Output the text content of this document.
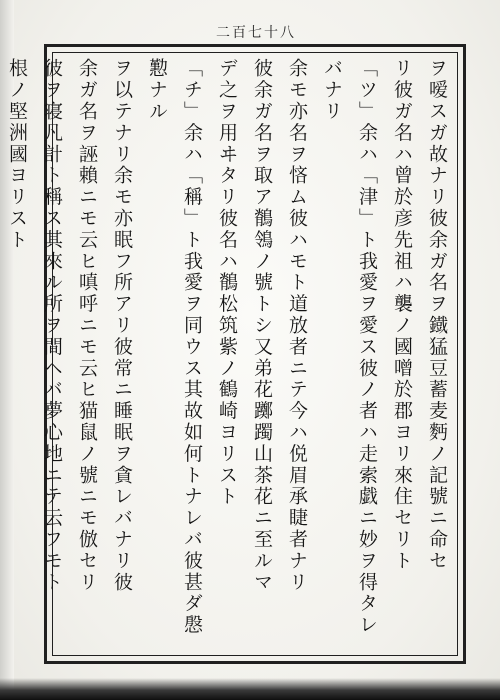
二百七十八
ヲ嗳スガ故ナリ彼余ガ名ヲ鐡猛豆蓄麦麪ノ記號ニ命セ
リ彼ガ名ハ曾於彦先祖ハ襲ノ國噌於郡ヨリ來住セリト
「ツ」余ハ「津」ト我愛ヲ愛ス彼ノ者ハ走索戯ニ妙ヲ得タレバナリ
余モ亦名ヲ悋ム彼ハモト道放者ニテ今ハ侻眉承睫者ナリ
彼余ガ名ヲ取ア鶺鴒ノ號トシ又弟花躑躅山茶花ニ至ルマ
デ之ヲ用ヰタリ彼名ハ鶺松筑紫ノ鶴崎ヨリスト
「チ」余ハ「稱」ト我愛ヲ同ウス其故如何トナレバ彼甚ダ慇懃ナル
ヲ以テナリ余モ亦眠フ所アリ彼常ニ睡眠ヲ貪レバナリ彼
余ガ名ヲ誣賴ニモ云ヒ嗔呼ニモ云ヒ猫鼠ノ號ニモ倣セリ
彼ヲ寝凡計ト稱ス其來ル所ヲ間ヘバ夢心地ニテ云フモト
根ノ堅洲國ヨリスト
